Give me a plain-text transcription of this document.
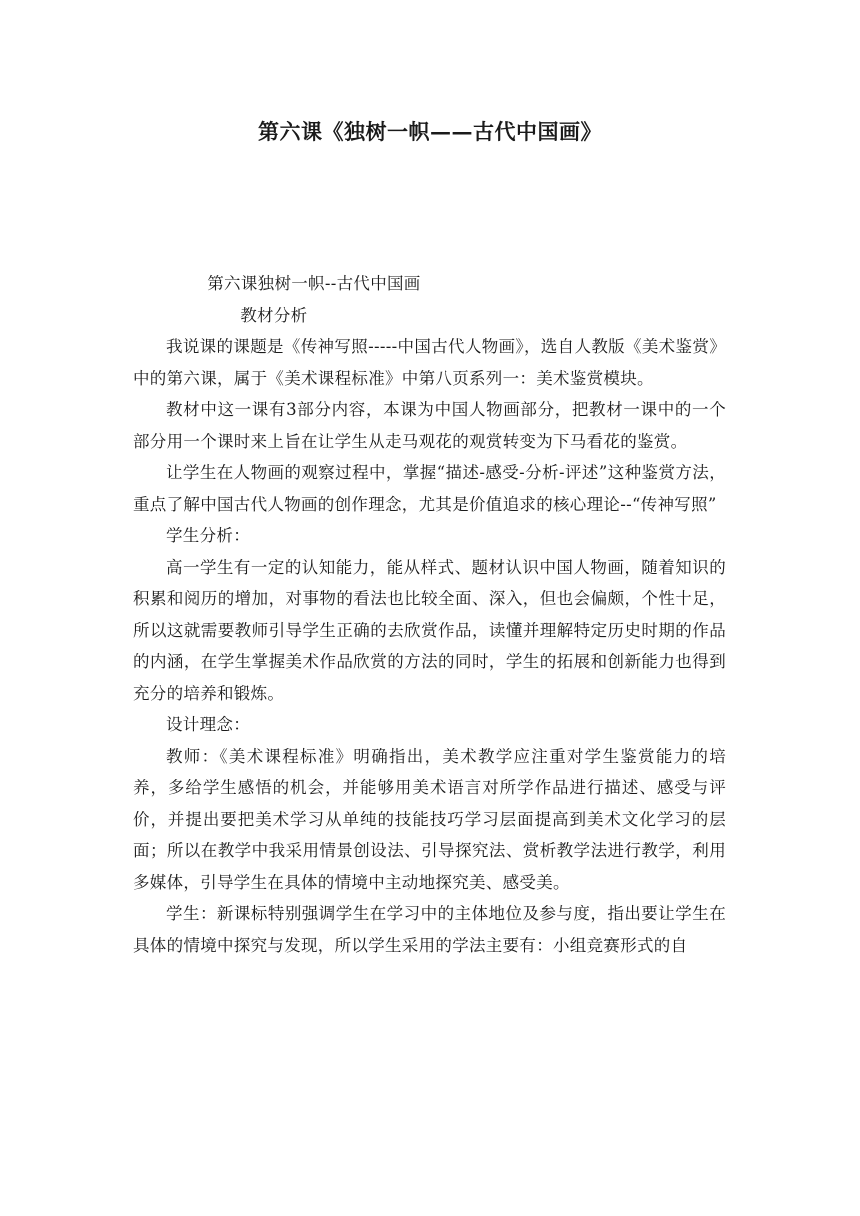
第六课《独树一帜——古代中国画》

第六课独树一帜--古代中国画

教材分析

我说课的课题是《传神写照-----中国古代人物画》，选自人教版《美术鉴赏》中的第六课，属于《美术课程标准》中第八页系列一：美术鉴赏模块。

教材中这一课有3部分内容，本课为中国人物画部分，把教材一课中的一个部分用一个课时来上旨在让学生从走马观花的观赏转变为下马看花的鉴赏。

让学生在人物画的观察过程中，掌握“描述-感受-分析-评述”这种鉴赏方法，重点了解中国古代人物画的创作理念，尤其是价值追求的核心理论--“传神写照”

学生分析：

高一学生有一定的认知能力，能从样式、题材认识中国人物画，随着知识的积累和阅历的增加，对事物的看法也比较全面、深入，但也会偏颇，个性十足，所以这就需要教师引导学生正确的去欣赏作品，读懂并理解特定历史时期的作品的内涵，在学生掌握美术作品欣赏的方法的同时，学生的拓展和创新能力也得到充分的培养和锻炼。

设计理念：

教师：《美术课程标准》明确指出，美术教学应注重对学生鉴赏能力的培养，多给学生感悟的机会，并能够用美术语言对所学作品进行描述、感受与评价，并提出要把美术学习从单纯的技能技巧学习层面提高到美术文化学习的层面；所以在教学中我采用情景创设法、引导探究法、赏析教学法进行教学，利用多媒体，引导学生在具体的情境中主动地探究美、感受美。

学生：新课标特别强调学生在学习中的主体地位及参与度，指出要让学生在具体的情境中探究与发现，所以学生采用的学法主要有：小组竞赛形式的自
